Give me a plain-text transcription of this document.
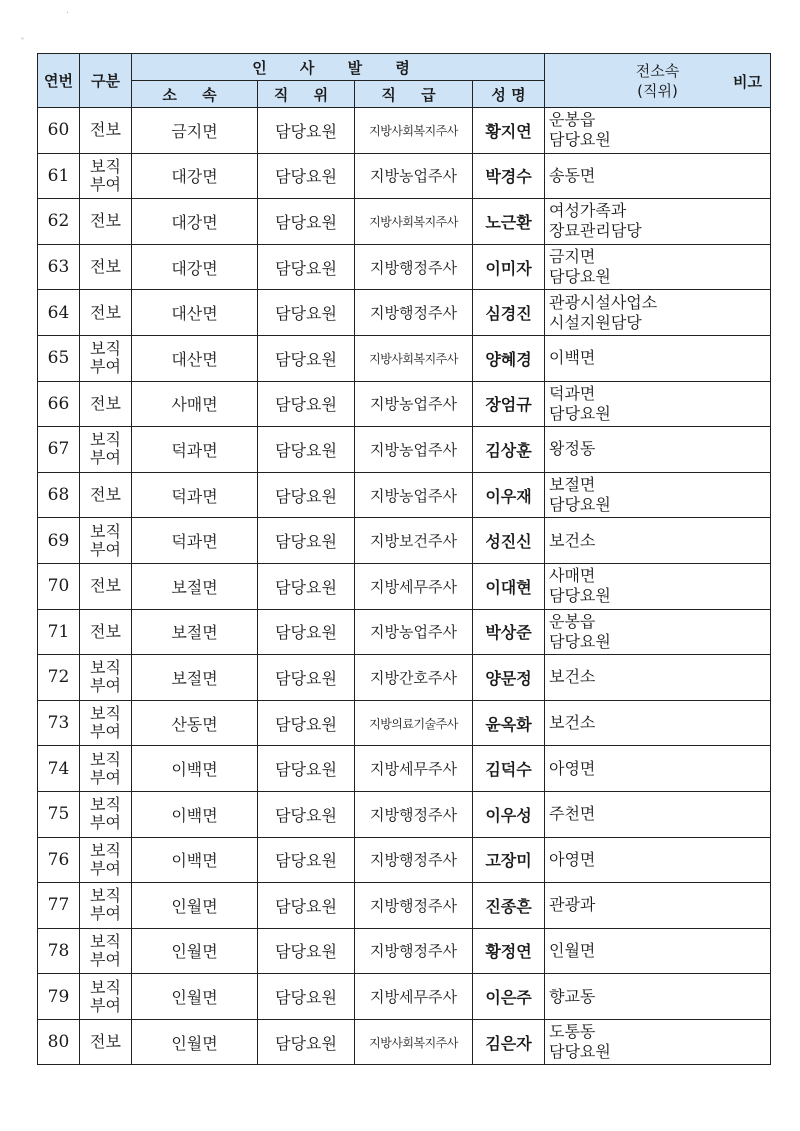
·
ˇ
연번	구분	인 사 발 령				전소속
(직위) 비고	

		소 속	직 위	직 급	성 명		
60	전보	금지면	담당요원	지방사회복지주사	황지연	운봉읍
담당요원	

61	보직
부여	대강면	담당요원	지방농업주사	박경수	송동면	

62	전보	대강면	담당요원	지방사회복지주사	노근환	여성가족과
장묘관리담당	

63	전보	대강면	담당요원	지방행정주사	이미자	금지면
담당요원	

64	전보	대산면	담당요원	지방행정주사	심경진	관광시설사업소
시설지원담당	

65	보직
부여	대산면	담당요원	지방사회복지주사	양혜경	이백면	

66	전보	사매면	담당요원	지방농업주사	장엄규	덕과면
담당요원	

67	보직
부여	덕과면	담당요원	지방농업주사	김상훈	왕정동	

68	전보	덕과면	담당요원	지방농업주사	이우재	보절면
담당요원	

69	보직
부여	덕과면	담당요원	지방보건주사	성진신	보건소	

70	전보	보절면	담당요원	지방세무주사	이대현	사매면
담당요원	

71	전보	보절면	담당요원	지방농업주사	박상준	운봉읍
담당요원	

72	보직
부여	보절면	담당요원	지방간호주사	양문정	보건소	

73	보직
부여	산동면	담당요원	지방의료기술주사	윤옥화	보건소	

74	보직
부여	이백면	담당요원	지방세무주사	김덕수	아영면	

75	보직
부여	이백면	담당요원	지방행정주사	이우성	주천면	

76	보직
부여	이백면	담당요원	지방행정주사	고장미	아영면	

77	보직
부여	인월면	담당요원	지방행정주사	진종흔	관광과	

78	보직
부여	인월면	담당요원	지방행정주사	황정연	인월면	

79	보직
부여	인월면	담당요원	지방세무주사	이은주	향교동	

80	전보	인월면	담당요원	지방사회복지주사	김은자	도통동
담당요원	
